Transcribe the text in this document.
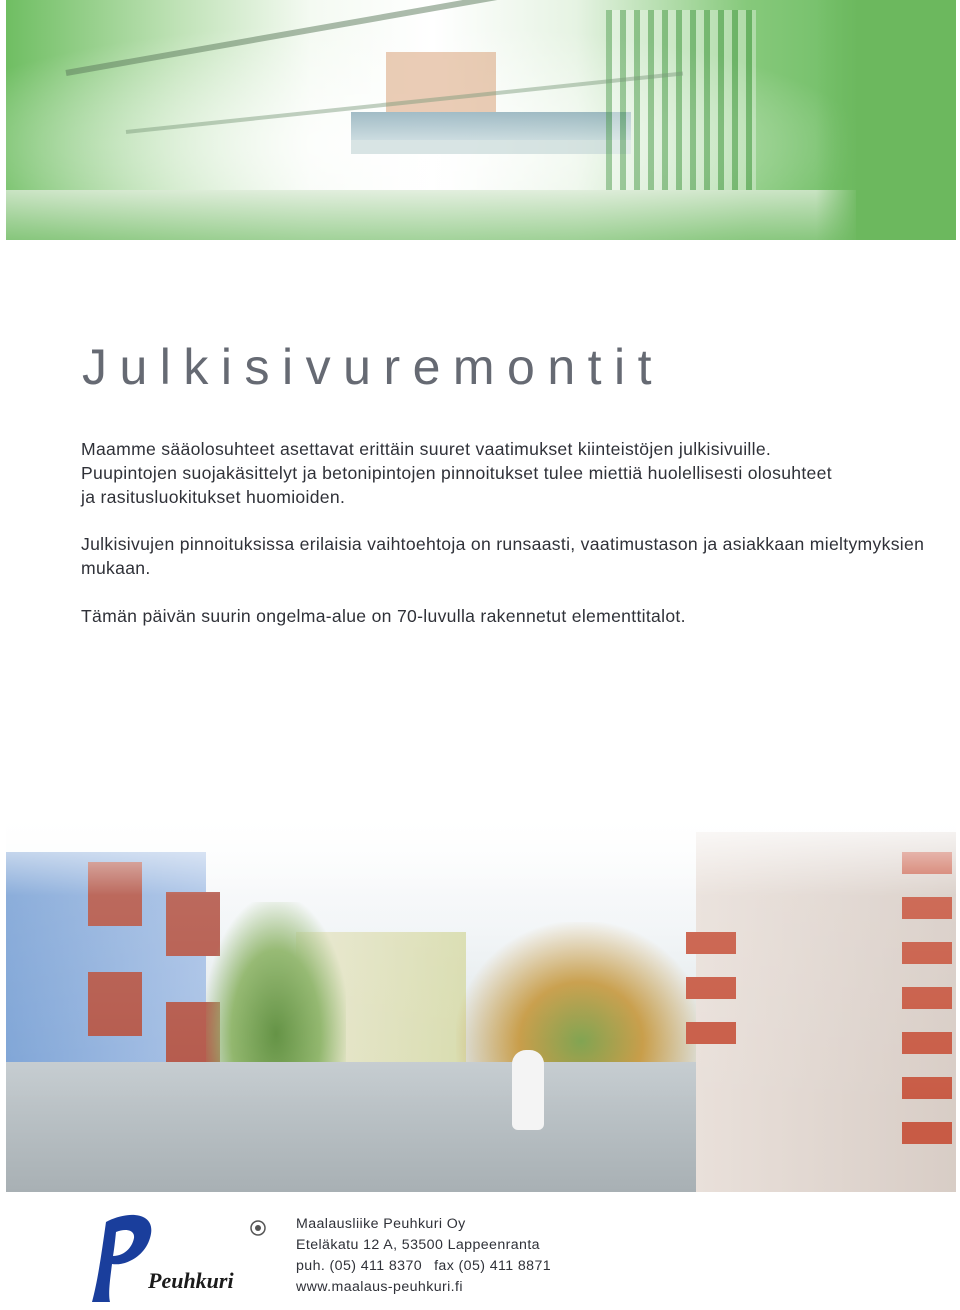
Julkisivuremontit

Maamme sääolosuhteet asettavat erittäin suuret vaatimukset kiinteistöjen julkisivuille. Puupintojen suojakäsittelyt ja betonipintojen pinnoitukset tulee miettiä huolellisesti olosuhteet ja rasitusluokitukset huomioiden.

Julkisivujen pinnoituksissa erilaisia vaihtoehtoja on runsaasti, vaatimustason ja asiakkaan mieltymyksien mukaan.

Tämän päivän suurin ongelma-alue on 70-luvulla rakennetut elementtitalot.

Peuhkuri
Maalausliike Peuhkuri Oy
Eteläkatu 12 A, 53500 Lappeenranta
puh. (05) 411 8370 fax (05) 411 8871
www.maalaus-peuhkuri.fi
